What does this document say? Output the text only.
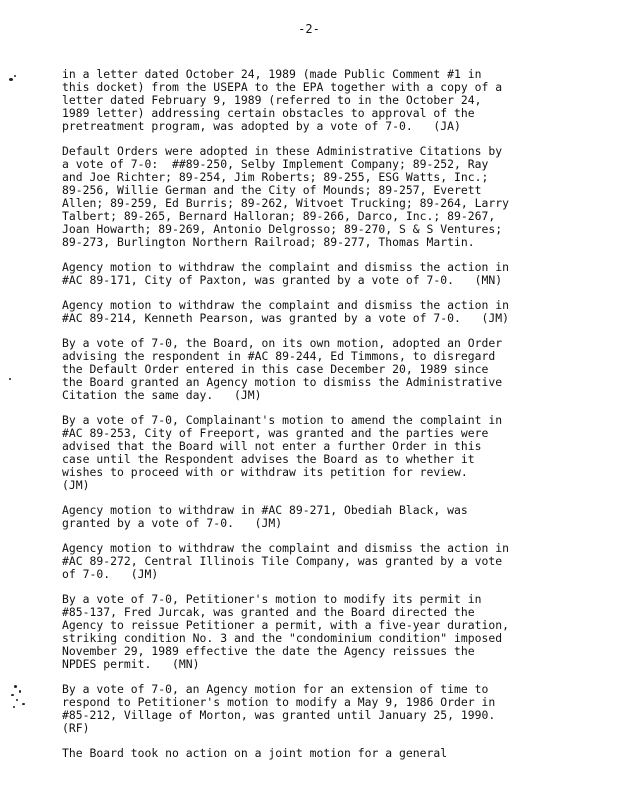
-2-
in a letter dated October 24, 1989 (made Public Comment #1 in
this docket) from the USEPA to the EPA together with a copy of a
letter dated February 9, 1989 (referred to in the October 24,
1989 letter) addressing certain obstacles to approval of the
pretreatment program, was adopted by a vote of 7-0.   (JA)
Default Orders were adopted in these Administrative Citations by
a vote of 7-0:  ##89-250, Selby Implement Company; 89-252, Ray
and Joe Richter; 89-254, Jim Roberts; 89-255, ESG Watts, Inc.;
89-256, Willie German and the City of Mounds; 89-257, Everett
Allen; 89-259, Ed Burris; 89-262, Witvoet Trucking; 89-264, Larry
Talbert; 89-265, Bernard Halloran; 89-266, Darco, Inc.; 89-267,
Joan Howarth; 89-269, Antonio Delgrosso; 89-270, S & S Ventures;
89-273, Burlington Northern Railroad; 89-277, Thomas Martin.
Agency motion to withdraw the complaint and dismiss the action in
#AC 89-171, City of Paxton, was granted by a vote of 7-0.   (MN)
Agency motion to withdraw the complaint and dismiss the action in
#AC 89-214, Kenneth Pearson, was granted by a vote of 7-0.   (JM)
By a vote of 7-0, the Board, on its own motion, adopted an Order
advising the respondent in #AC 89-244, Ed Timmons, to disregard
the Default Order entered in this case December 20, 1989 since
the Board granted an Agency motion to dismiss the Administrative
Citation the same day.   (JM)
By a vote of 7-0, Complainant's motion to amend the complaint in
#AC 89-253, City of Freeport, was granted and the parties were
advised that the Board will not enter a further Order in this
case until the Respondent advises the Board as to whether it
wishes to proceed with or withdraw its petition for review.
(JM)
Agency motion to withdraw in #AC 89-271, Obediah Black, was
granted by a vote of 7-0.   (JM)
Agency motion to withdraw the complaint and dismiss the action in
#AC 89-272, Central Illinois Tile Company, was granted by a vote
of 7-0.   (JM)
By a vote of 7-0, Petitioner's motion to modify its permit in
#85-137, Fred Jurcak, was granted and the Board directed the
Agency to reissue Petitioner a permit, with a five-year duration,
striking condition No. 3 and the "condominium condition" imposed
November 29, 1989 effective the date the Agency reissues the
NPDES permit.   (MN)
By a vote of 7-0, an Agency motion for an extension of time to
respond to Petitioner's motion to modify a May 9, 1986 Order in
#85-212, Village of Morton, was granted until January 25, 1990.
(RF)
The Board took no action on a joint motion for a general
